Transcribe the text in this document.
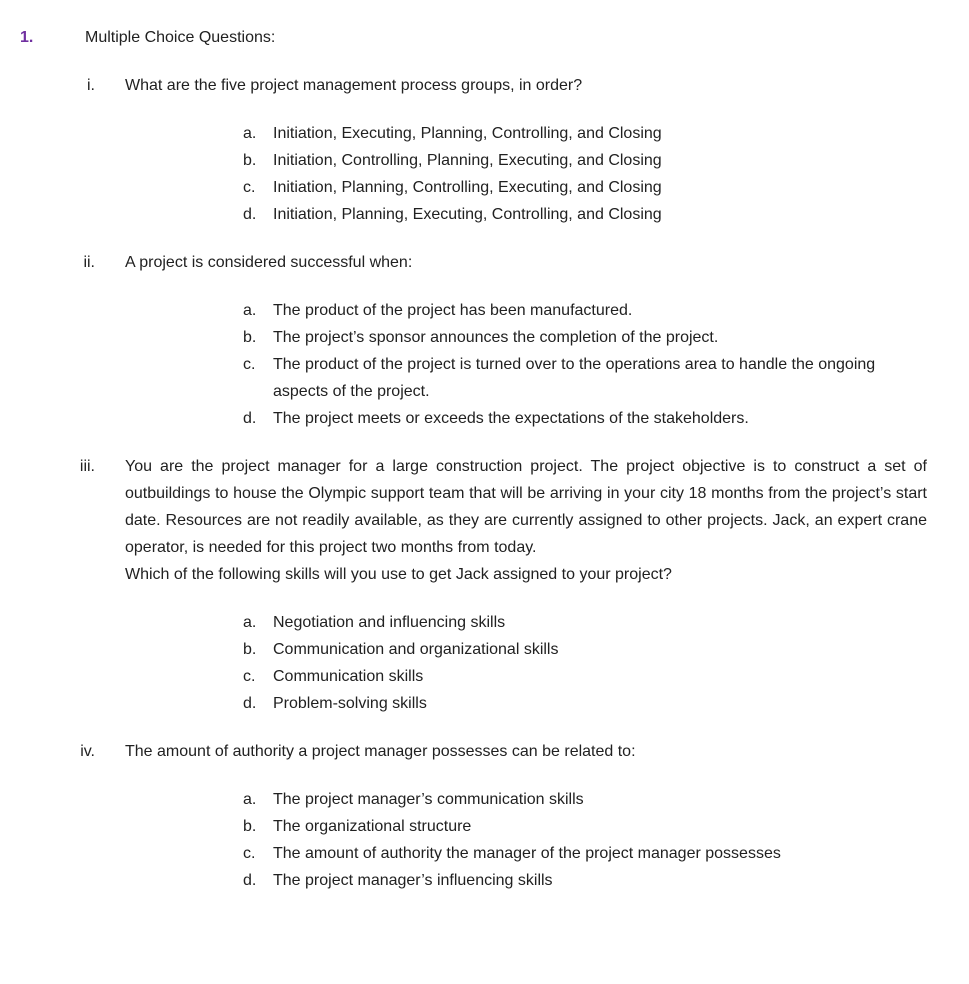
1.	Multiple Choice Questions:
i. What are the five project management process groups, in order?
a.	Initiation, Executing, Planning, Controlling, and Closing
b.	Initiation, Controlling, Planning, Executing, and Closing
c.	Initiation, Planning, Controlling, Executing, and Closing
d.	Initiation, Planning, Executing, Controlling, and Closing
ii. A project is considered successful when:
a.	The product of the project has been manufactured.
b.	The project’s sponsor announces the completion of the project.
c.	The product of the project is turned over to the operations area to handle the ongoing aspects of the project.
d.	The project meets or exceeds the expectations of the stakeholders.
iii. You are the project manager for a large construction project. The project objective is to construct a set of outbuildings to house the Olympic support team that will be arriving in your city 18 months from the project’s start date. Resources are not readily available, as they are currently assigned to other projects. Jack, an expert crane operator, is needed for this project two months from today.
Which of the following skills will you use to get Jack assigned to your project?
a.	Negotiation and influencing skills
b.	Communication and organizational skills
c.	Communication skills
d.	Problem-solving skills
iv. The amount of authority a project manager possesses can be related to:
a.	The project manager’s communication skills
b.	The organizational structure
c.	The amount of authority the manager of the project manager possesses
d.	The project manager’s influencing skills
